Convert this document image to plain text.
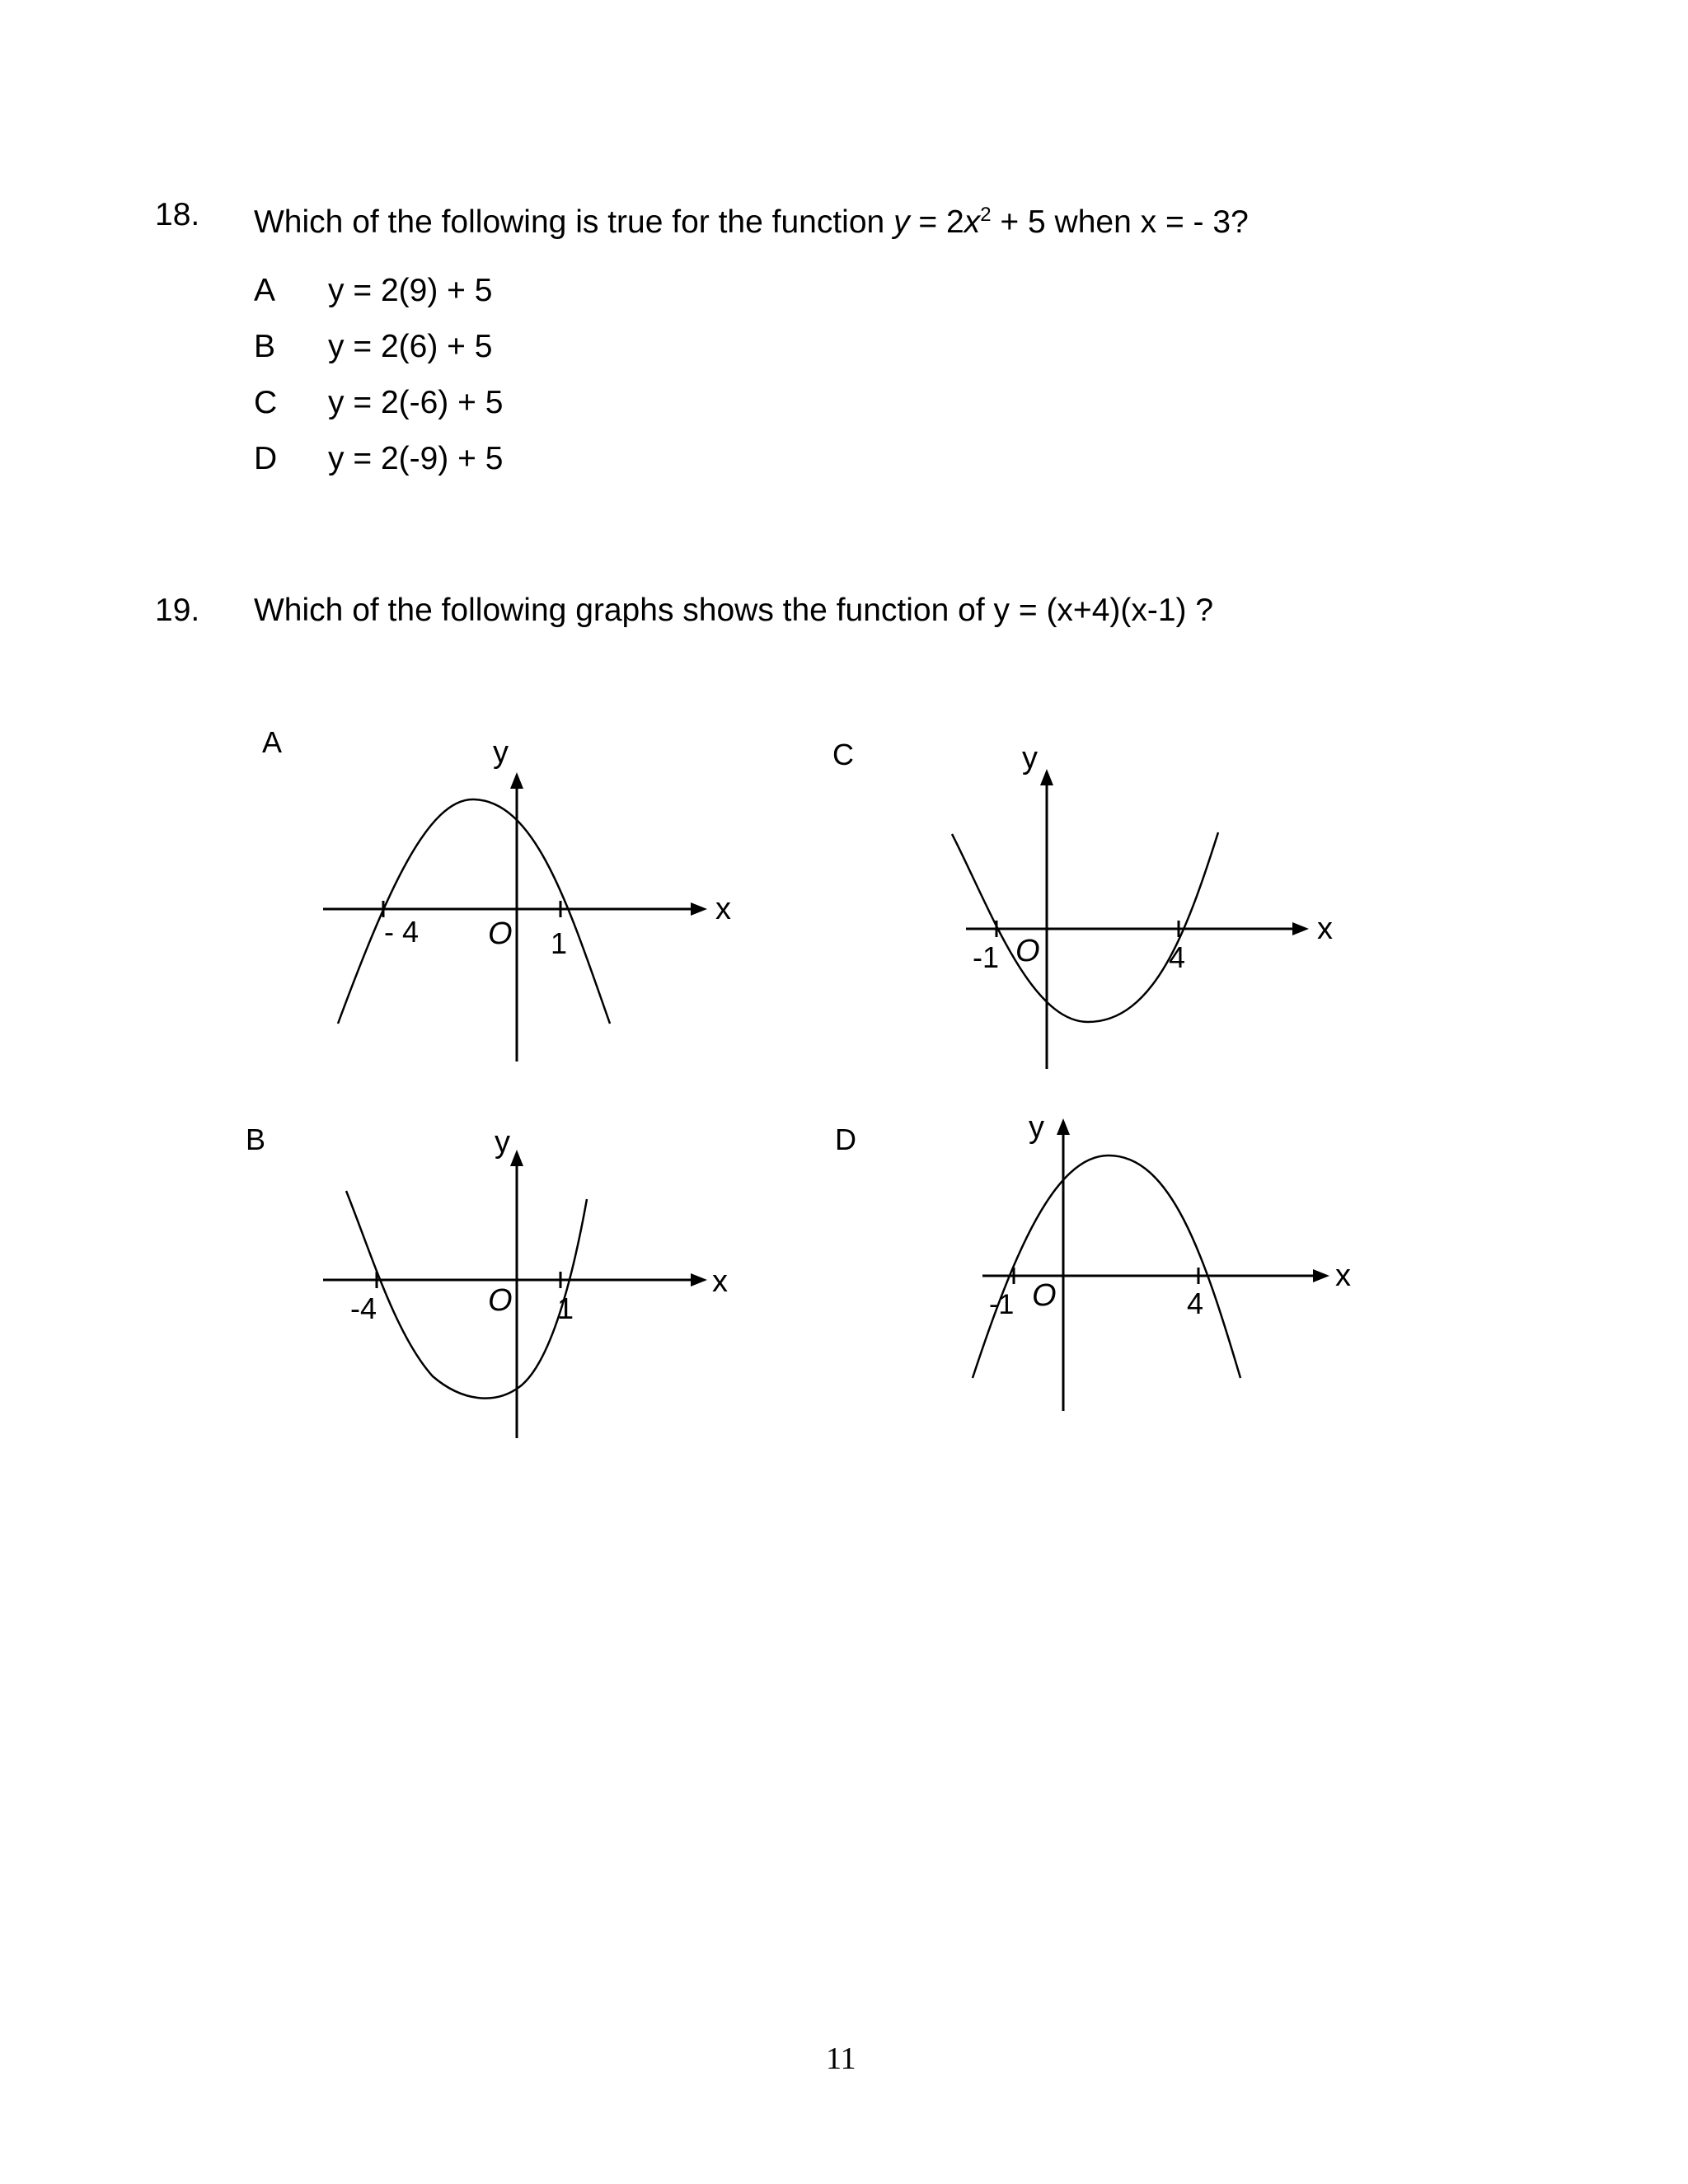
18. Which of the following is true for the function $y = 2x^2 + 5$ when x = - 3?
A y = 2(9) + 5
B y = 2(6) + 5
C y = 2(-6) + 5
D y = 2(-9) + 5
19. Which of the following graphs shows the function of y = (x+4)(x-1) ?
A
B
C
D
x
y
O
- 4	1
x
y
O
-4	1
x
y
O
-1	4
x
y
O
-1	4
11
